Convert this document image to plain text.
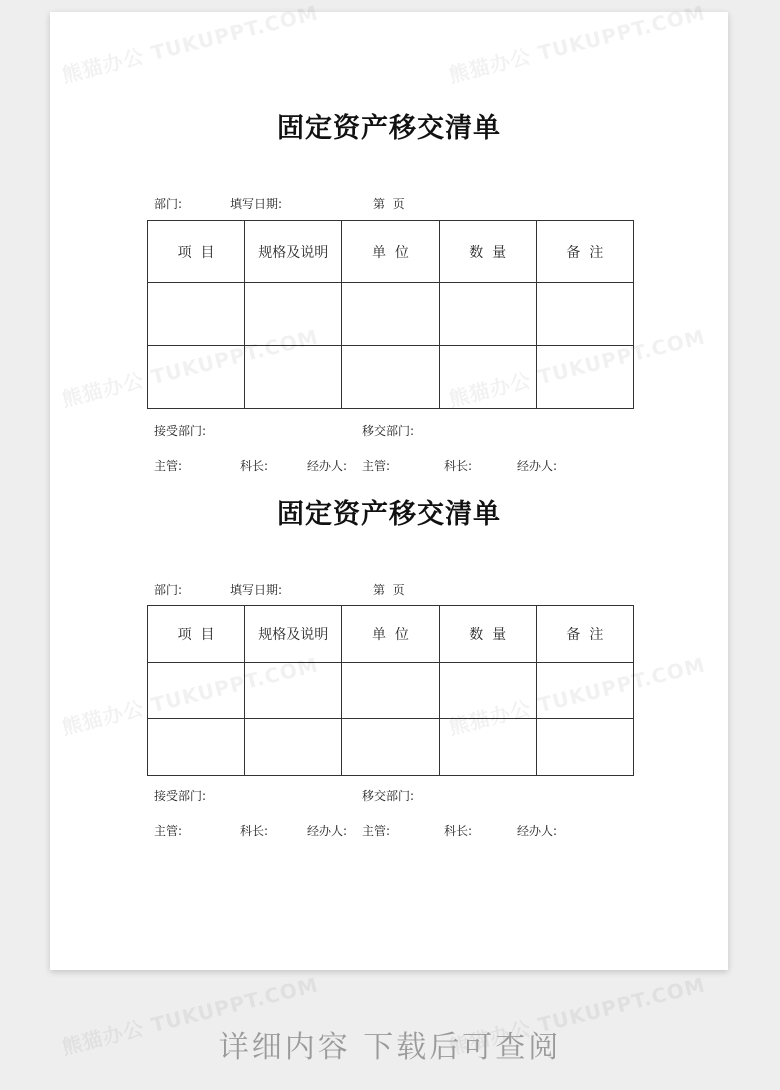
固定资产移交清单
部门:	填写日期:	第  页
项  目	规格及说明	单  位	数  量	备  注

接受部门:	移交部门:
主管:	科长:	经办人: 主管:	科长:	经办人:
固定资产移交清单
部门:	填写日期:	第  页
项  目	规格及说明	单  位	数  量	备  注

接受部门:	移交部门:
主管:	科长:	经办人: 主管:	科长:	经办人:
熊猫办公 TUKUPPT.COM	熊猫办公 TUKUPPT.COM
熊猫办公 TUKUPPT.COM	熊猫办公 TUKUPPT.COM
熊猫办公 TUKUPPT.COM	熊猫办公 TUKUPPT.COM
熊猫办公 TUKUPPT.COM	熊猫办公 TUKUPPT.COM
详细内容 下载后可查阅
